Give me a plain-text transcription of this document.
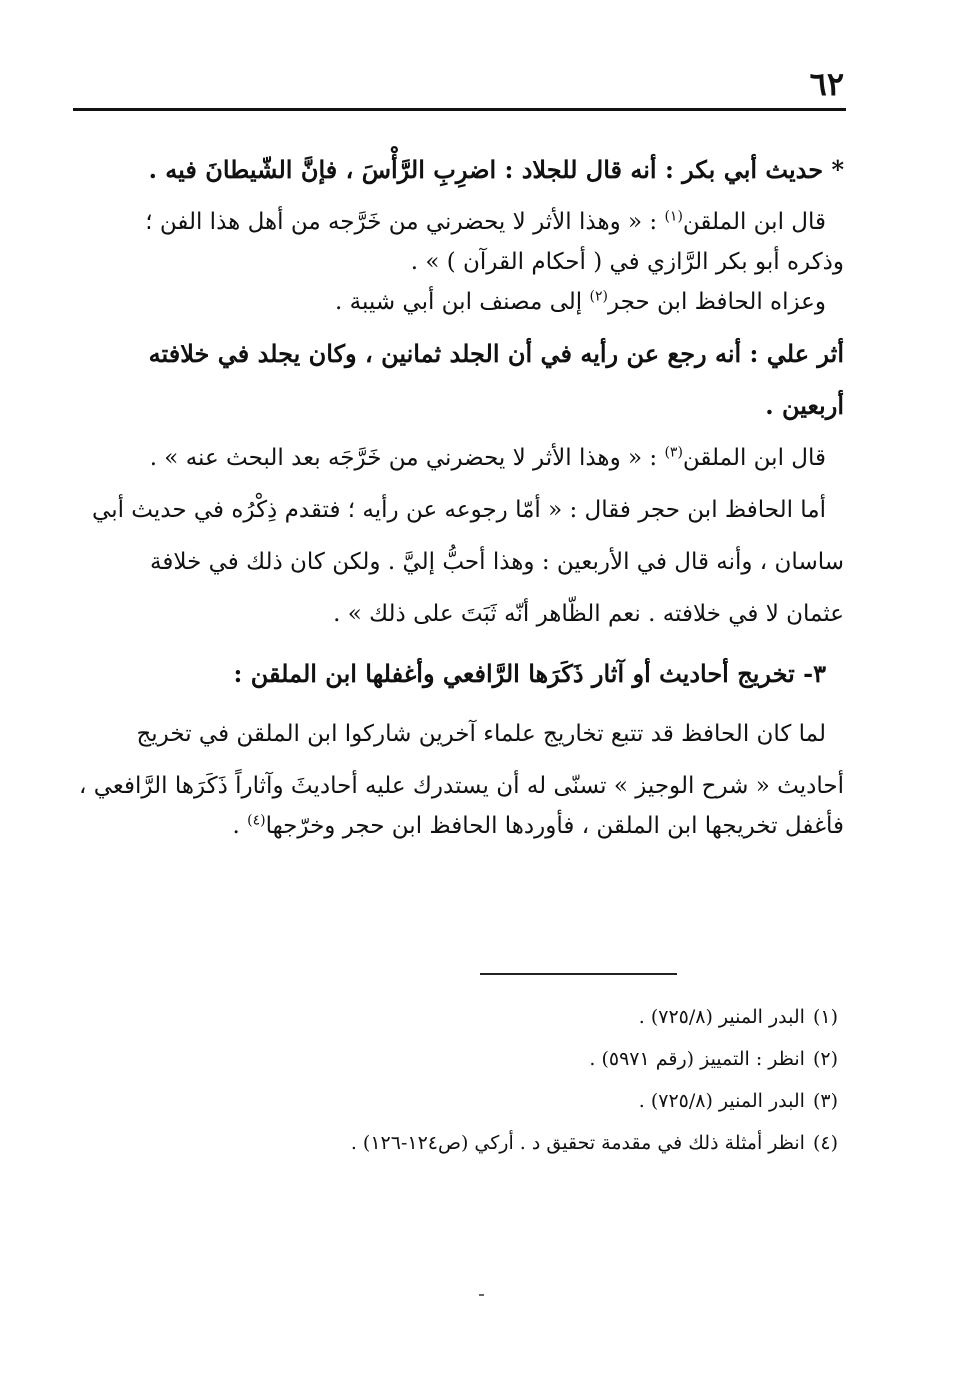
٦٢

* حديث أبي بكر : أنه قال للجلاد : اضرِبِ الرَّأْسَ ، فإنَّ الشّيطانَ فيه .

قال ابن الملقن$^{(١)}$ : « وهذا الأثر لا يحضرني من خَرَّجه من أهل هذا الفن ؛

وذكره أبو بكر الرَّازي في ( أحكام القرآن ) » .

وعزاه الحافظ ابن حجر$^{(٢)}$ إلى مصنف ابن أبي شيبة .

أثر علي : أنه رجع عن رأيه في أن الجلد ثمانين ، وكان يجلد في خلافته

أربعين .

قال ابن الملقن$^{(٣)}$ : « وهذا الأثر لا يحضرني من خَرَّجَه بعد البحث عنه » .

أما الحافظ ابن حجر فقال : « أمّا رجوعه عن رأيه ؛ فتقدم ذِكْرُه في حديث أبي

ساسان ، وأنه قال في الأربعين : وهذا أحبُّ إليَّ . ولكن كان ذلك في خلافة

عثمان لا في خلافته . نعم الظّاهر أنّه ثَبَتَ على ذلك » .

٣- تخريج أحاديث أو آثار ذَكَرَها الرَّافعي وأغفلها ابن الملقن :

لما كان الحافظ قد تتبع تخاريج علماء آخرين شاركوا ابن الملقن في تخريج

أحاديث « شرح الوجيز » تسنّى له أن يستدرك عليه أحاديثَ وآثاراً ذَكَرَها الرَّافعي ،

فأغفل تخريجها ابن الملقن ، فأوردها الحافظ ابن حجر وخرّجها$^{(٤)}$ .

(١)البدر المنير (٧٢٥/٨) .

(٢)انظر : التمييز (رقم ٥٩٧١) .

(٣)البدر المنير (٧٢٥/٨) .

(٤)انظر أمثلة ذلك في مقدمة تحقيق د . أركي (ص١٢٤-١٢٦) .
